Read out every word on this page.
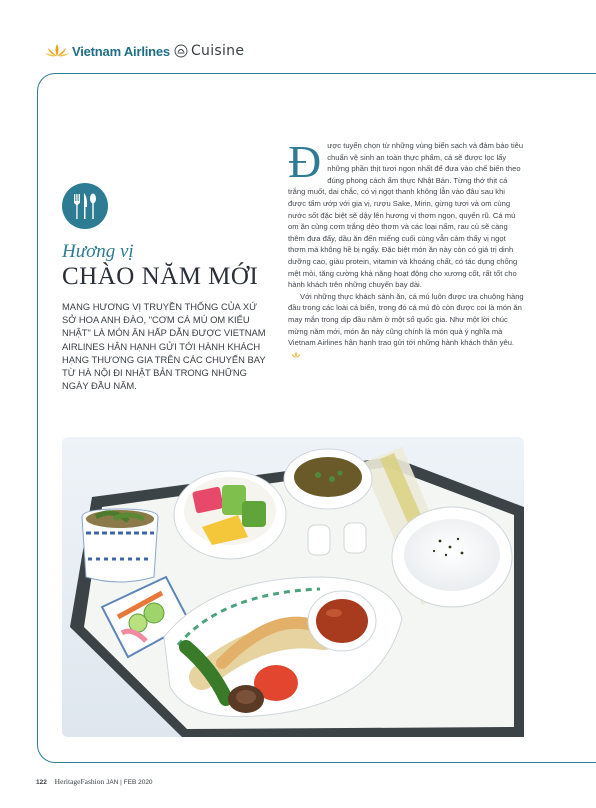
Vietnam Airlines Cuisine
Hương vị
CHÀO NĂM MỚI
MANG HƯƠNG VỊ TRUYỀN THỐNG CỦA XỨ SỞ HOA ANH ĐÀO, "CƠM CÁ MÚ OM KIỂU NHẬT" LÀ MÓN ĂN HẤP DẪN ĐƯỢC VIETNAM AIRLINES HÂN HẠNH GỬI TỚI HÀNH KHÁCH HẠNG THƯƠNG GIA TRÊN CÁC CHUYẾN BAY TỪ HÀ NỘI ĐI NHẬT BẢN TRONG NHỮNG NGÀY ĐẦU NĂM.
Đ ược tuyển chọn từ những vùng biển sạch và đảm bảo tiêu chuẩn vệ sinh an toàn thực phẩm, cá sẽ được lọc lấy những phần thịt tươi ngon nhất để đưa vào chế biến theo đúng phong cách ẩm thực Nhật Bản. Từng thớ thịt cá trắng muốt, dai chắc, có vị ngọt thanh không lẫn vào đâu sau khi được tẩm ướp với gia vị, rượu Sake, Mirin, gừng tươi và om cùng nước sốt đặc biệt sẽ dậy lên hương vị thơm ngon, quyến rũ. Cá mú om ăn cùng cơm trắng dẻo thơm và các loại nấm, rau củ sẽ càng thêm đưa đẩy, dầu ăn đến miếng cuối cùng vẫn cảm thấy vị ngọt thơm mà không hề bị ngấy. Đặc biệt món ăn này còn có giá trị dinh dưỡng cao, giàu protein, vitamin và khoáng chất, có tác dụng chống mệt mỏi, tăng cường khả năng hoạt động cho xương cốt, rất tốt cho hành khách trên những chuyến bay dài.

Với những thực khách sành ăn, cá mú luôn được ưa chuộng hàng đầu trong các loài cá biển, trong đó cá mú đỏ còn được coi là món ăn may mắn trong dịp đầu năm ở một số quốc gia. Như một lời chúc mừng năm mới, món ăn này cũng chính là món quà ý nghĩa mà Vietnam Airlines hân hạnh trao gửi tới những hành khách thân yêu.

122 HeritageFashion JAN | FEB 2020
